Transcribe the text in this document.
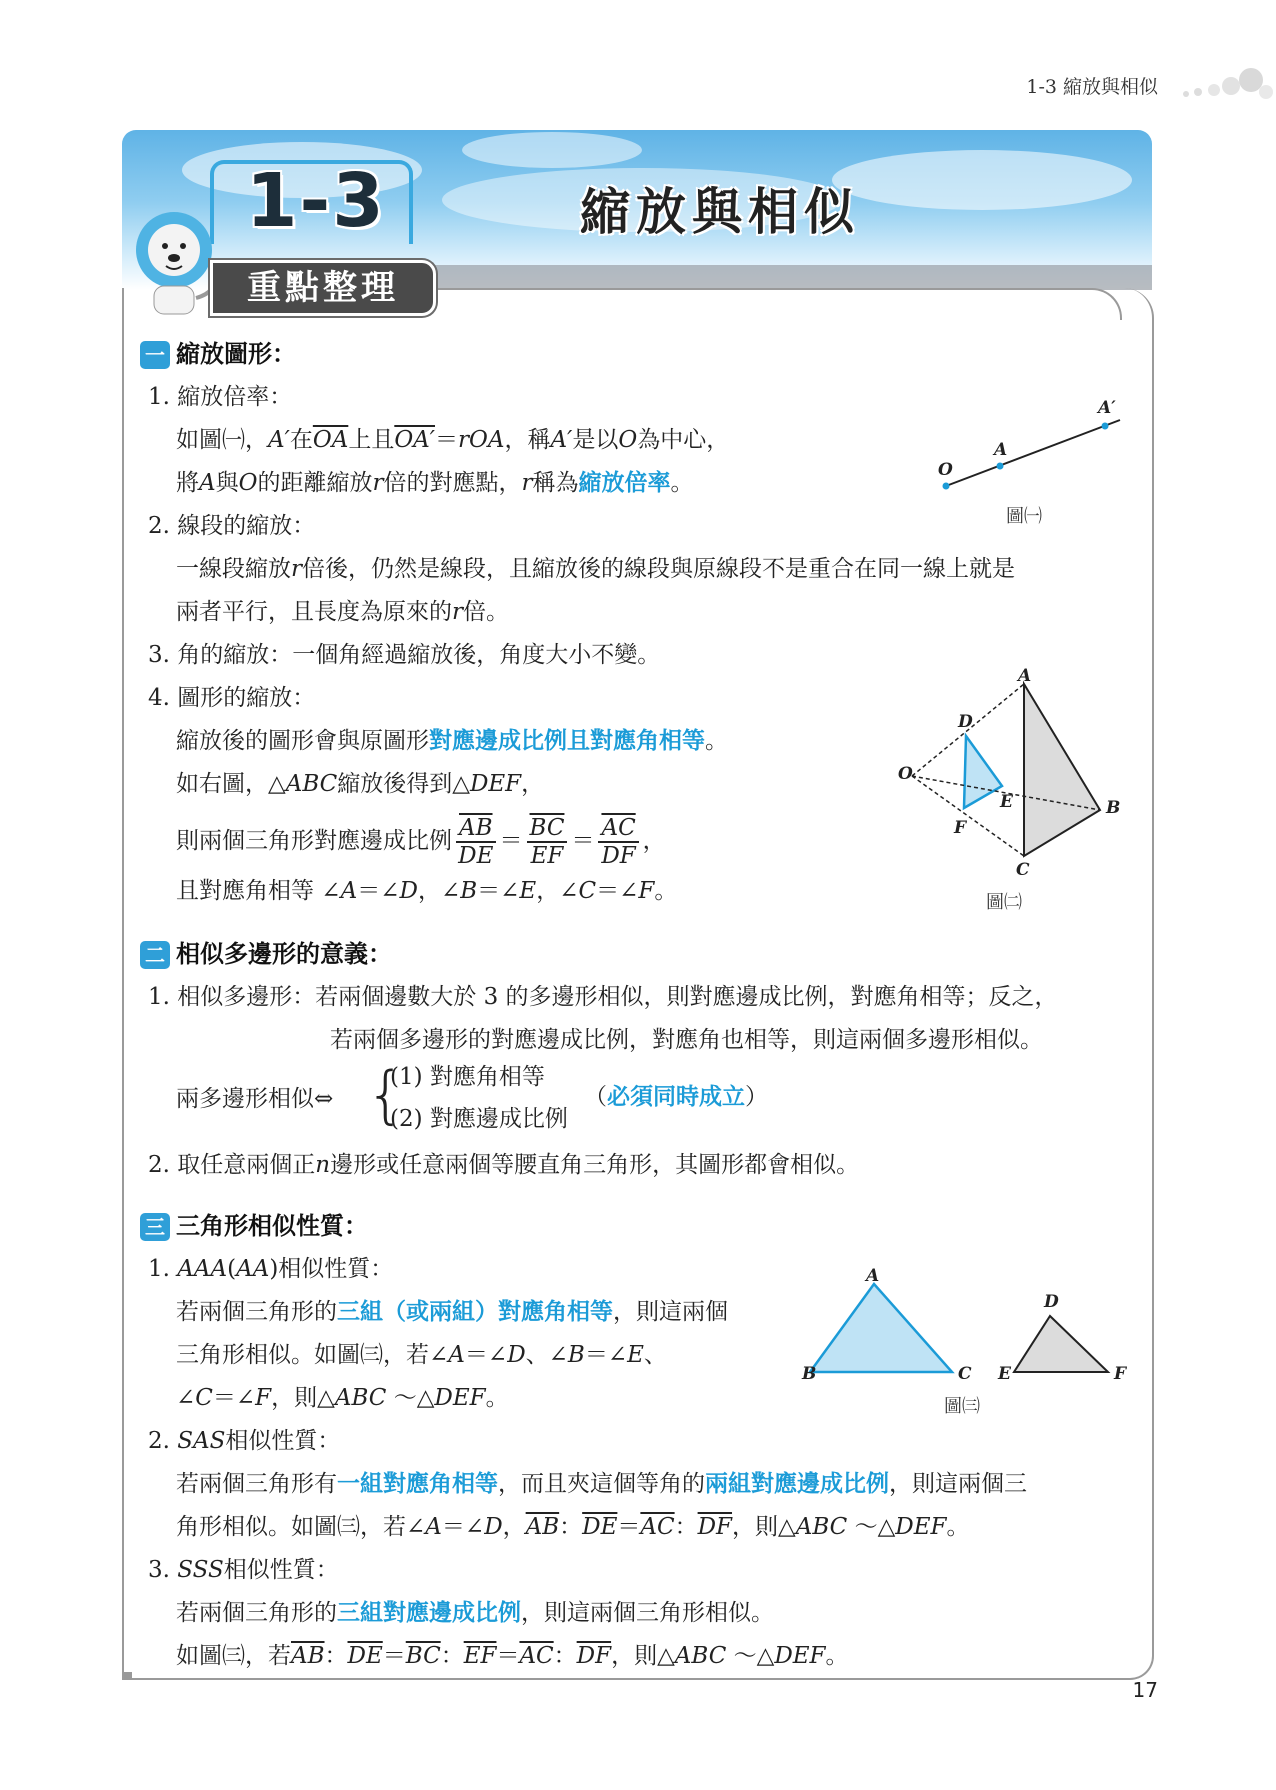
1-3 縮放與相似
1-3	縮放與相似
重點整理
一 縮放圖形：
1. 縮放倍率：
如圖㈠，A′在$\overline{OA}$上且OA′＝rOA，稱A′是以O為中心，
將A與O的距離縮放r倍的對應點，r稱為縮放倍率。	O
A
A′
圖㈠
2. 線段的縮放：
一線段縮放r倍後，仍然是線段，且縮放後的線段與原線段不是重合在同一線上就是
兩者平行，且長度為原來的r倍。
3. 角的縮放：一個角經過縮放後，角度大小不變。
4. 圖形的縮放：
縮放後的圖形會與原圖形對應邊成比例且對應角相等。
如右圖，△ABC縮放後得到△DEF，
則兩個三角形對應邊成比例 $\frac{\overline{AB}}{DE} = \frac{\overline{BC}}{EF} = \frac{\overline{AC}}{DF}$ ，
且對應角相等 ∠A＝∠D，∠B＝∠E，∠C＝∠F。
A
B
C
D
E
F
O
圖㈡
二 相似多邊形的意義：
1. 相似多邊形：若兩個邊數大於 3 的多邊形相似，則對應邊成比例，對應角相等；反之，
若兩個多邊形的對應邊成比例，對應角也相等，則這兩個多邊形相似。
兩多邊形相似⇔ {
(1) 對應角相等
(2) 對應邊成比例
（必須同時成立）
2. 取任意兩個正n邊形或任意兩個等腰直角三角形，其圖形都會相似。
三 三角形相似性質：
1. AAA(AA)相似性質：
若兩個三角形的三組（或兩組）對應角相等，則這兩個
三角形相似。如圖㈢，若∠A＝∠D、∠B＝∠E、
∠C＝∠F，則△ABC ～△DEF。
A
B	C
D
E	F
圖㈢
2. SAS相似性質：
若兩個三角形有一組對應角相等，而且夾這個等角的兩組對應邊成比例，則這兩個三
角形相似。如圖㈢，若∠A＝∠D，$\overline{AB}$：$\overline{DE}=\overline{AC}$：$\overline{DF}$，則△ABC ～△DEF。
3. SSS相似性質：
若兩個三角形的三組對應邊成比例，則這兩個三角形相似。
如圖㈢，若$\overline{AB}$：$\overline{DE}=\overline{BC}$：$\overline{EF}=\overline{AC}$：$\overline{DF}$，則△ABC ～△DEF。
17
